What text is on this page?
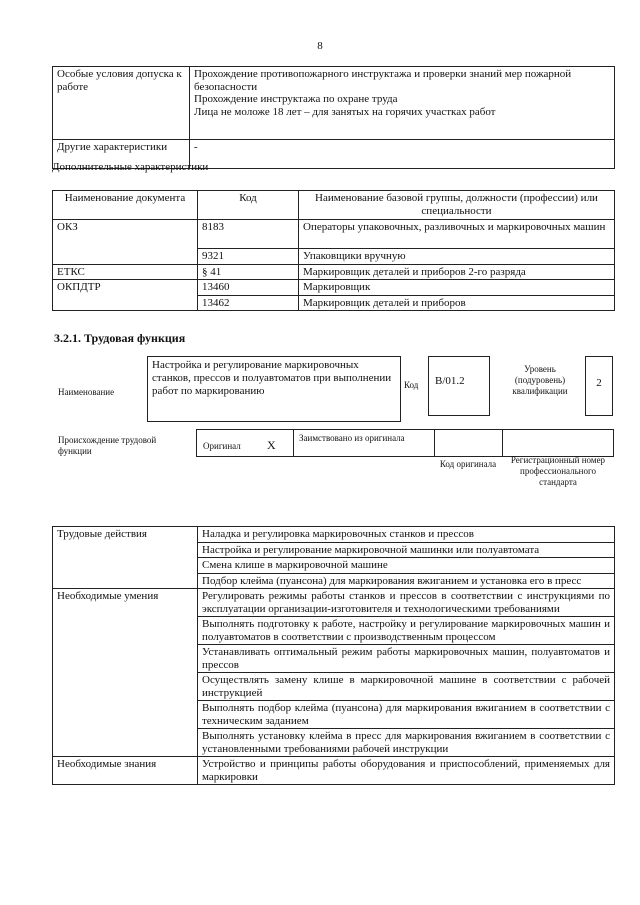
8
Особые условия допуска к работе	Прохождение противопожарного инструктажа и проверки знаний мер пожарной безопасности
Прохождение инструктажа по охране труда
Лица не моложе 18 лет – для занятых на горячих участках работ

Другие характеристики	-
Дополнительные характеристики
Наименование документа	Код	Наименование базовой группы, должности (профессии) или специальности
ОКЗ	8183	Операторы упаковочных, разливочных и маркировочных машин
	9321	Упаковщики вручную
ЕТКС	§ 41	Маркировщик деталей и приборов 2-го разряда
ОКПДТР	13460	Маркировщик
	13462	Маркировщик деталей и приборов
3.2.1. Трудовая функция
Наименование
Настройка и регулирование маркировочных станков, прессов и полуавтоматов при выполнении работ по маркированию	Код	B/01.2
Уровень (подуровень) квалификации
2
Происхождение трудовой функции	Оригинал X	Заимствовано из оригинала
Код оригинала	Регистрационный номер профессионального стандарта
Трудовые действия	Наладка и регулировка маркировочных станков и прессов
	Настройка и регулирование маркировочной машинки или полуавтомата
	Смена клише в маркировочной машине
	Подбор клейма (пуансона) для маркирования вжиганием и установка его в пресс
Необходимые умения	Регулировать режимы работы станков и прессов в соответствии с инструкциями по эксплуатации организации-изготовителя и технологическими требованиями
	Выполнять подготовку к работе, настройку и регулирование маркировочных машин и полуавтоматов в соответствии с производственным процессом
	Устанавливать оптимальный режим работы маркировочных машин, полуавтоматов и прессов
	Осуществлять замену клише в маркировочной машине в соответствии с рабочей инструкцией
	Выполнять подбор клейма (пуансона) для маркирования вжиганием в соответствии с техническим заданием
	Выполнять установку клейма в пресс для маркирования вжиганием в соответствии с установленными требованиями рабочей инструкции
Необходимые знания	Устройство и принципы работы оборудования и приспособлений, применяемых для маркировки
